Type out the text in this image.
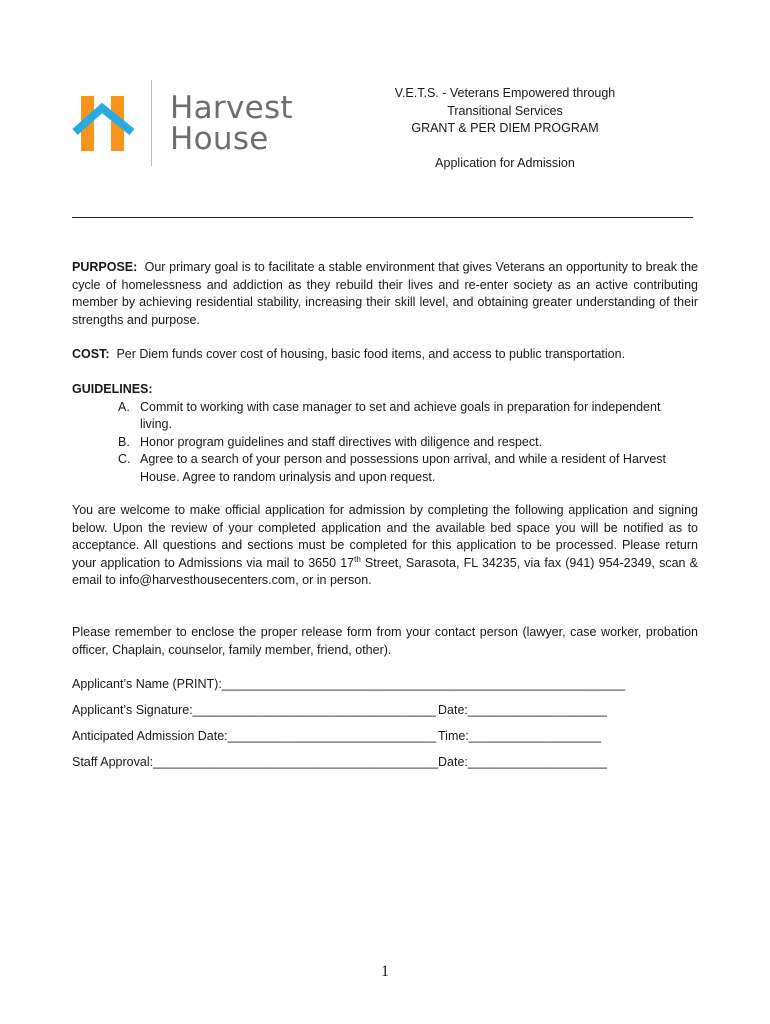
Harvest
House
V.E.T.S. - Veterans Empowered through
Transitional Services
GRANT & PER DIEM PROGRAM
Application for Admission
PURPOSE: Our primary goal is to facilitate a stable environment that gives Veterans an opportunity to break the cycle of homelessness and addiction as they rebuild their lives and re-enter society as an active contributing member by achieving residential stability, increasing their skill level, and obtaining greater understanding of their strengths and purpose.
COST: Per Diem funds cover cost of housing, basic food items, and access to public transportation.
GUIDELINES:
A. Commit to working with case manager to set and achieve goals in preparation for independent living.
B. Honor program guidelines and staff directives with diligence and respect.
C. Agree to a search of your person and possessions upon arrival, and while a resident of Harvest House. Agree to random urinalysis and upon request.
You are welcome to make official application for admission by completing the following application and signing below. Upon the review of your completed application and the available bed space you will be notified as to acceptance. All questions and sections must be completed for this application to be processed. Please return your application to Admissions via mail to 3650 17th Street, Sarasota, FL 34235, via fax (941) 954-2349, scan & email to info@harvesthousecenters.com, or in person.
Please remember to enclose the proper release form from your contact person (lawyer, case worker, probation officer, Chaplain, counselor, family member, friend, other).
Applicant’s Name (PRINT):__________________________________________________________
Applicant’s Signature:___________________________________ Date:____________________
Anticipated Admission Date:______________________________ Time:___________________
Staff Approval:_________________________________________ Date:____________________
1
